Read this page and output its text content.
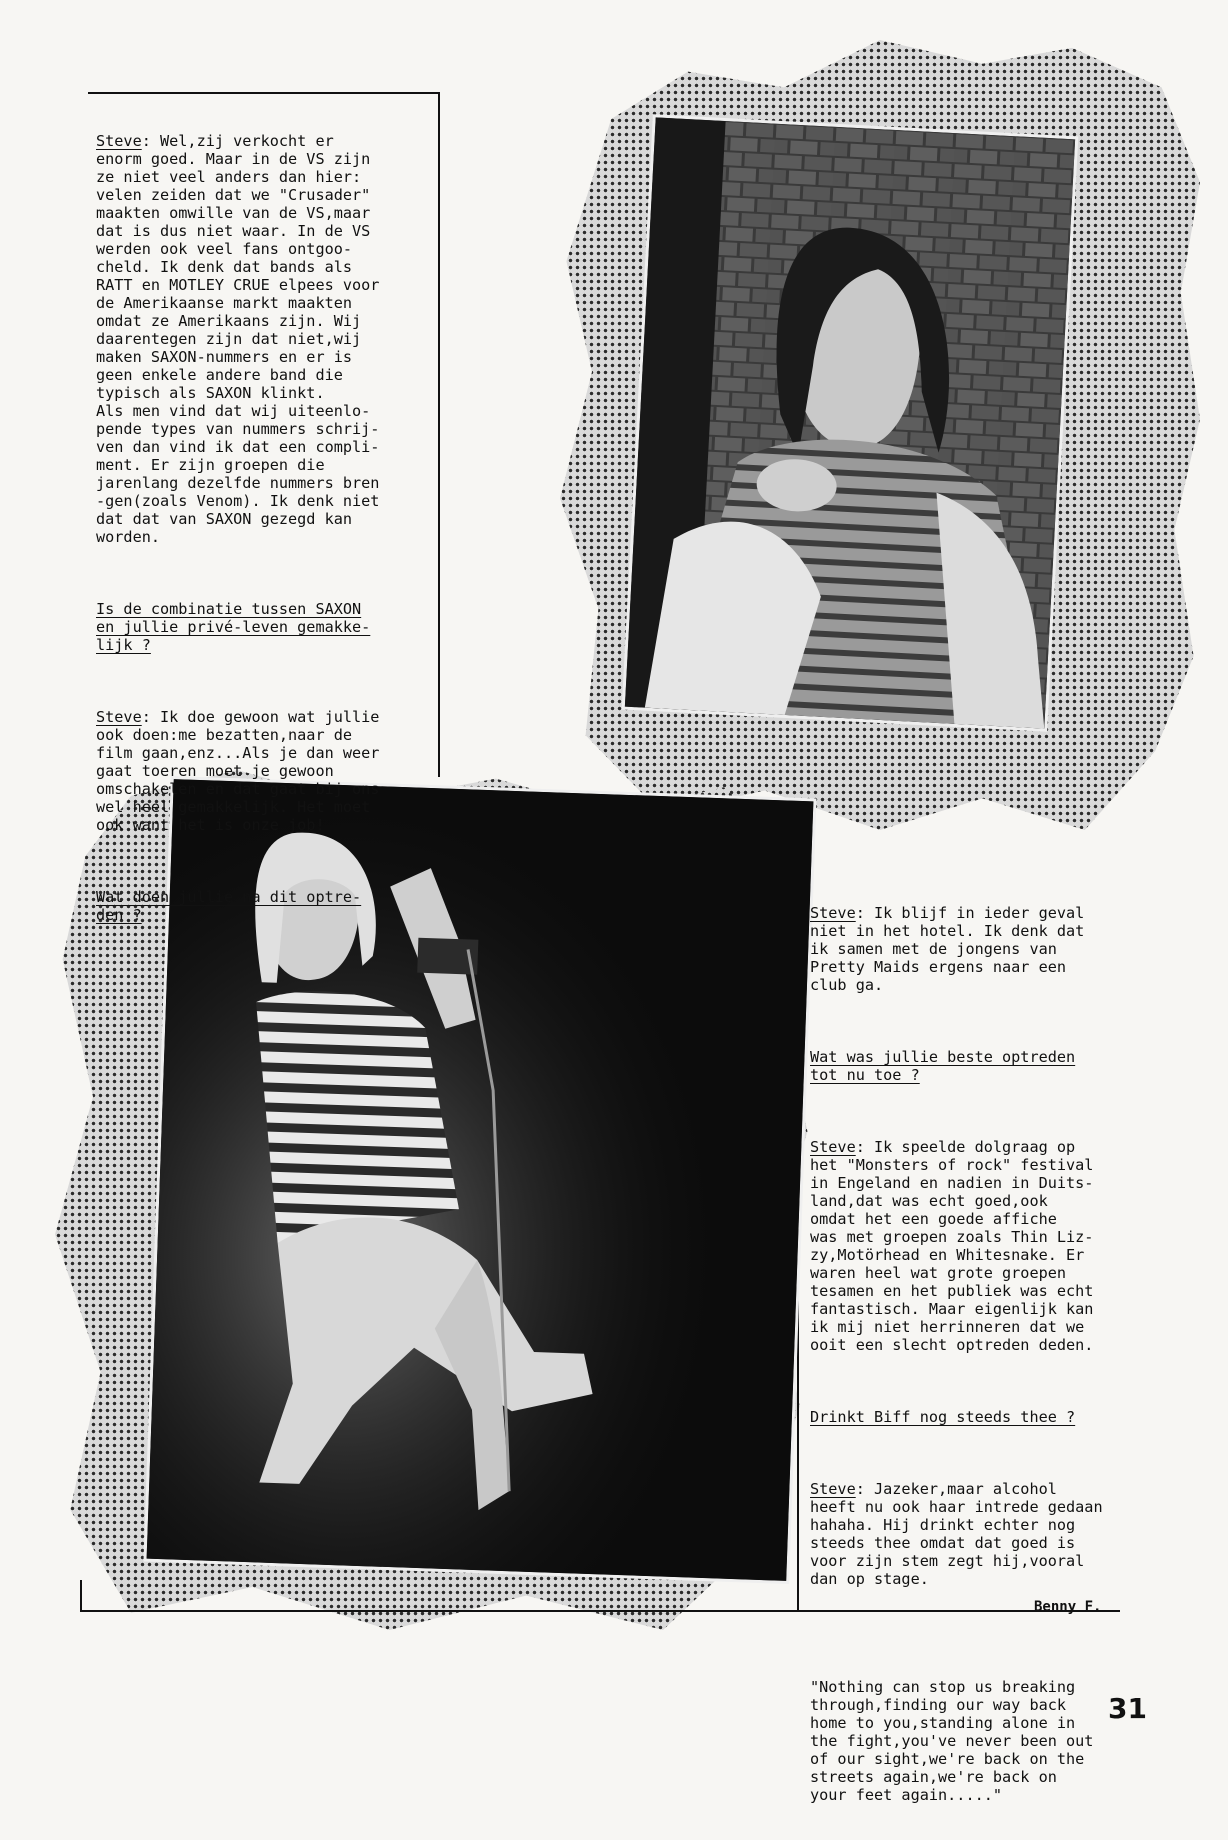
Steve: Wel,zij verkocht er
enorm goed. Maar in de VS zijn
ze niet veel anders dan hier:
velen zeiden dat we "Crusader"
maakten omwille van de VS,maar
dat is dus niet waar. In de VS
werden ook veel fans ontgoo-
cheld. Ik denk dat bands als
RATT en MOTLEY CRUE elpees voor
de Amerikaanse markt maakten
omdat ze Amerikaans zijn. Wij
daarentegen zijn dat niet,wij
maken SAXON-nummers en er is
geen enkele andere band die
typisch als SAXON klinkt.
Als men vind dat wij uiteenlo-
pende types van nummers schrij-
ven dan vind ik dat een compli-
ment. Er zijn groepen die
jarenlang dezelfde nummers bren
-gen(zoals Venom). Ik denk niet
dat dat van SAXON gezegd kan
worden.

Is de combinatie tussen SAXON
en jullie privé-leven gemakke-
lijk ?

Steve: Ik doe gewoon wat jullie
ook doen:me bezatten,naar de
film gaan,enz...Als je dan weer
gaat toeren moet je gewoon
omschakelen en dat gaat bij ons
wel heel gemakkelijk. Het moet
ook want het is onze job!

Wat doen jullie na dit optre-
den ?

	Steve: Ik blijf in ieder geval
niet in het hotel. Ik denk dat
ik samen met de jongens van
Pretty Maids ergens naar een
club ga.

Wat was jullie beste optreden
tot nu toe ?

Steve: Ik speelde dolgraag op
het "Monsters of rock" festival
in Engeland en nadien in Duits-
land,dat was echt goed,ook
omdat het een goede affiche
was met groepen zoals Thin Liz-
zy,Motörhead en Whitesnake. Er
waren heel wat grote groepen
tesamen en het publiek was echt
fantastisch. Maar eigenlijk kan
ik mij niet herrinneren dat we
ooit een slecht optreden deden.

Drinkt Biff nog steeds thee ?

Steve: Jazeker,maar alcohol
heeft nu ook haar intrede gedaan
hahaha. Hij drinkt echter nog
steeds thee omdat dat goed is
voor zijn stem zegt hij,vooral
dan op stage.

"Nothing can stop us breaking
through,finding our way back
home to you,standing alone in
the fight,you've never been out
of our sight,we're back on the
streets again,we're back on
your feet again....."

Benny F.
31
